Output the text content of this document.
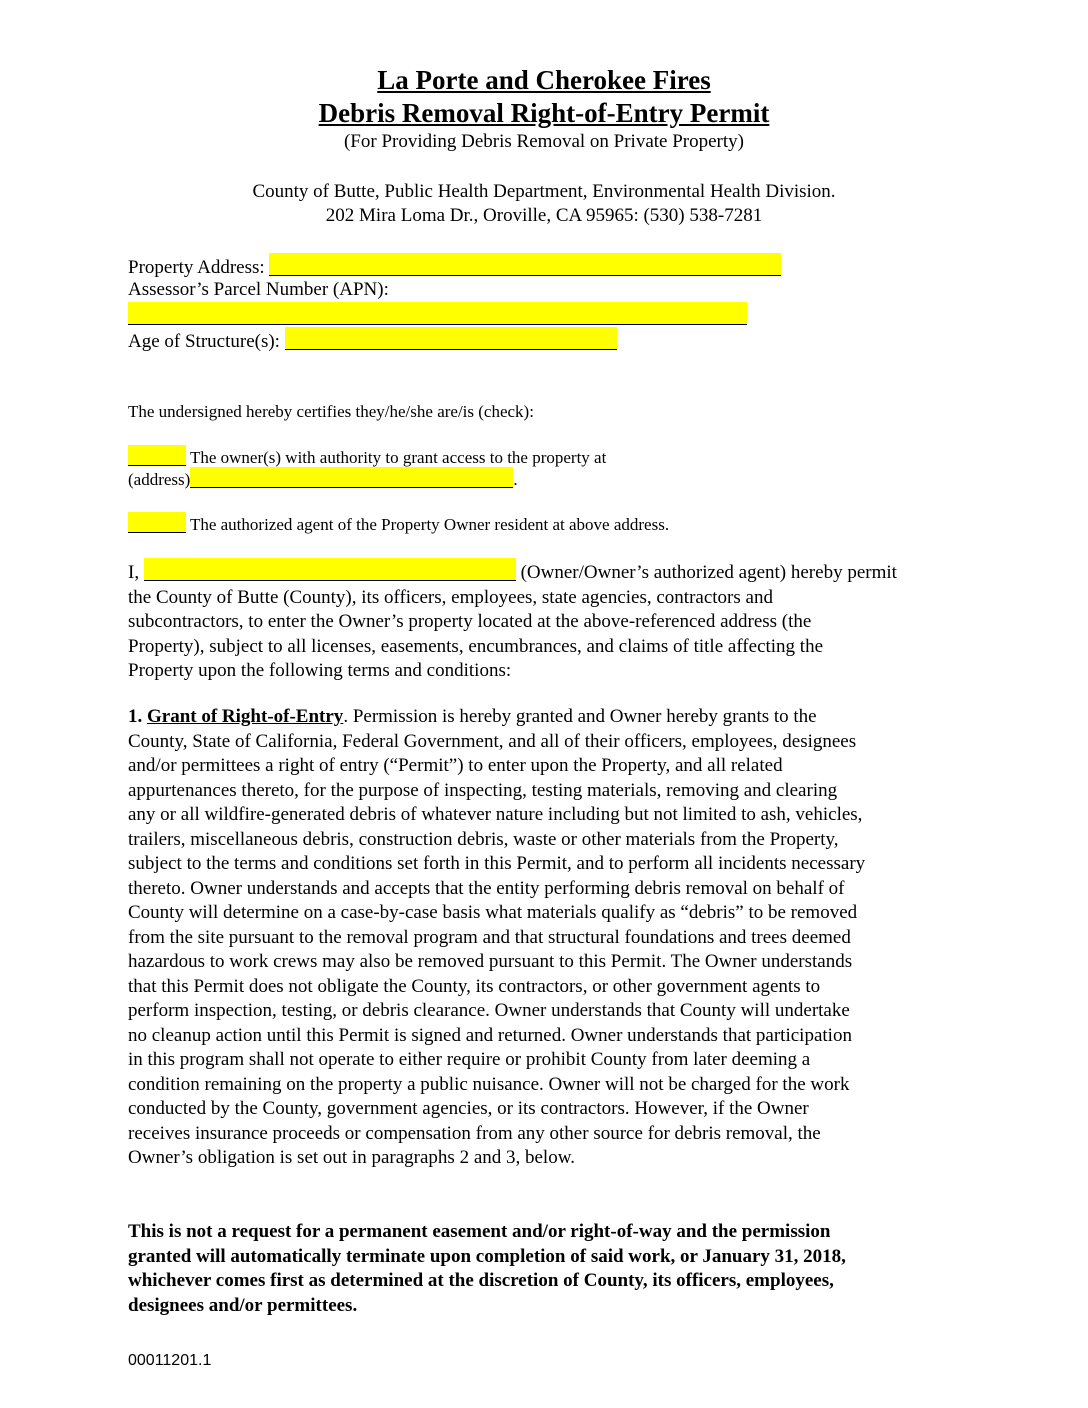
La Porte and Cherokee Fires
Debris Removal Right-of-Entry Permit
(For Providing Debris Removal on Private Property)
County of Butte, Public Health Department, Environmental Health Division.
202 Mira Loma Dr., Oroville, CA 95965: (530) 538-7281
Property Address:
Assessor’s Parcel Number (APN):
Age of Structure(s):
The undersigned hereby certifies they/he/she are/is (check):
The owner(s) with authority to grant access to the property at
(address)	.
The authorized agent of the Property Owner resident at above address.
I,	(Owner/Owner’s authorized agent) hereby permit
the County of Butte (County), its officers, employees, state agencies, contractors and
subcontractors, to enter the Owner’s property located at the above-referenced address (the
Property), subject to all licenses, easements, encumbrances, and claims of title affecting the
Property upon the following terms and conditions:
1. Grant of Right-of-Entry. Permission is hereby granted and Owner hereby grants to the
County, State of California, Federal Government, and all of their officers, employees, designees
and/or permittees a right of entry (“Permit”) to enter upon the Property, and all related
appurtenances thereto, for the purpose of inspecting, testing materials, removing and clearing
any or all wildfire-generated debris of whatever nature including but not limited to ash, vehicles,
trailers, miscellaneous debris, construction debris, waste or other materials from the Property,
subject to the terms and conditions set forth in this Permit, and to perform all incidents necessary
thereto. Owner understands and accepts that the entity performing debris removal on behalf of
County will determine on a case-by-case basis what materials qualify as “debris” to be removed
from the site pursuant to the removal program and that structural foundations and trees deemed
hazardous to work crews may also be removed pursuant to this Permit. The Owner understands
that this Permit does not obligate the County, its contractors, or other government agents to
perform inspection, testing, or debris clearance. Owner understands that County will undertake
no cleanup action until this Permit is signed and returned. Owner understands that participation
in this program shall not operate to either require or prohibit County from later deeming a
condition remaining on the property a public nuisance. Owner will not be charged for the work
conducted by the County, government agencies, or its contractors. However, if the Owner
receives insurance proceeds or compensation from any other source for debris removal, the
Owner’s obligation is set out in paragraphs 2 and 3, below.
This is not a request for a permanent easement and/or right-of-way and the permission
granted will automatically terminate upon completion of said work, or January 31, 2018,
whichever comes first as determined at the discretion of County, its officers, employees,
designees and/or permittees.
00011201.1
